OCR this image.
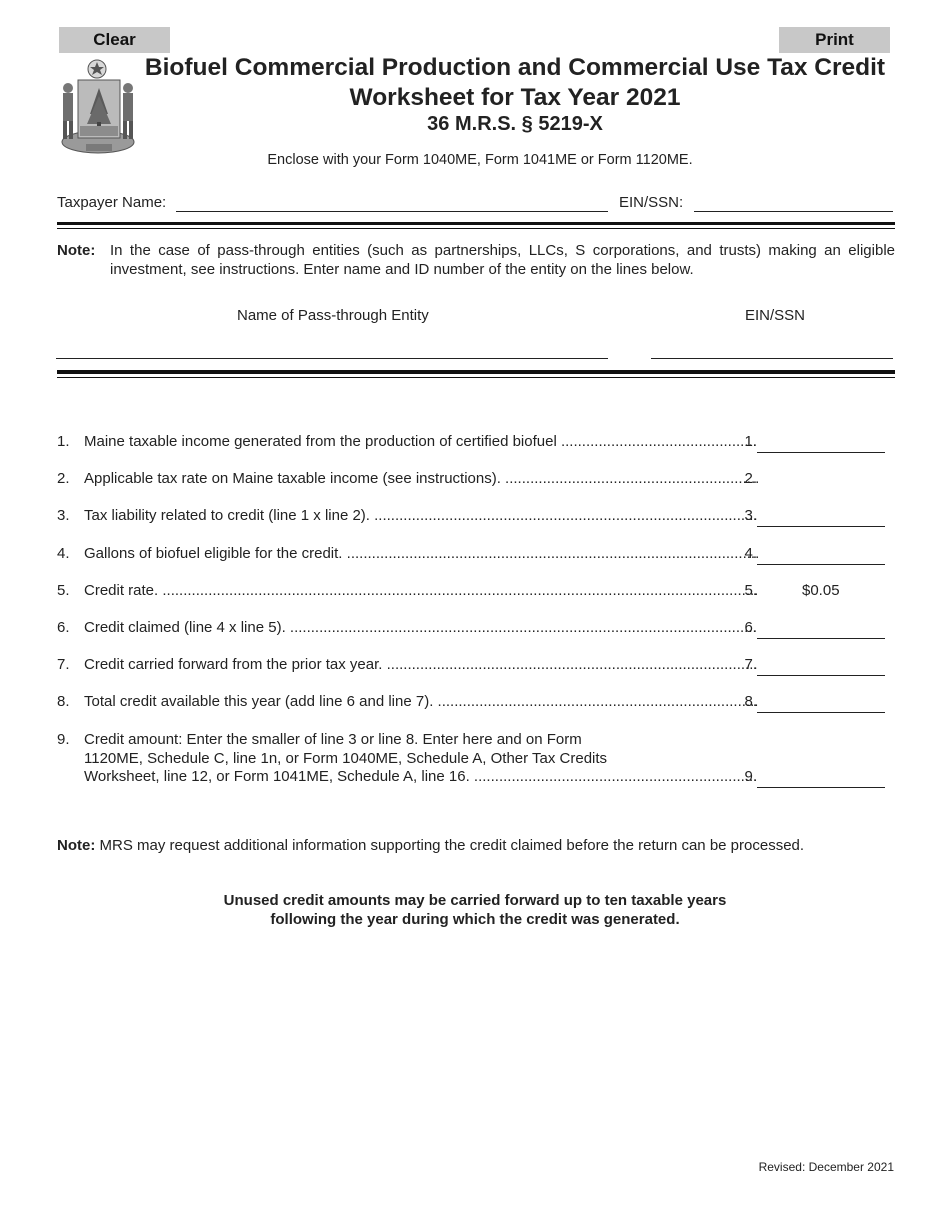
Clear	Print
Biofuel Commercial Production and Commercial Use Tax Credit
Worksheet for Tax Year 2021
36 M.R.S. § 5219-X
Enclose with your Form 1040ME, Form 1041ME or Form 1120ME.
Taxpayer Name:	EIN/SSN:
Note: In the case of pass-through entities (such as partnerships, LLCs, S corporations, and trusts) making an eligible investment, see instructions. Enter name and ID number of the entity on the lines below.
Name of Pass-through Entity	EIN/SSN
1. Maine taxable income generated from the production of certified biofuel .....	1.
2. Applicable tax rate on Maine taxable income (see instructions). .....	2.
3. Tax liability related to credit (line 1 x line 2). .....	3.
4. Gallons of biofuel eligible for the credit. .....	4.
5. Credit rate. .....	5.	$0.05
6. Credit claimed (line 4 x line 5). .....	6.
7. Credit carried forward from the prior tax year. .....	7.
8. Total credit available this year (add line 6 and line 7). .....	8.
9. Credit amount: Enter the smaller of line 3 or line 8. Enter here and on Form
1120ME, Schedule C, line 1n, or Form 1040ME, Schedule A, Other Tax Credits
Worksheet, line 12, or Form 1041ME, Schedule A, line 16. .....	9.
Note: MRS may request additional information supporting the credit claimed before the return can be processed.
Unused credit amounts may be carried forward up to ten taxable years
following the year during which the credit was generated.
Revised: December 2021
